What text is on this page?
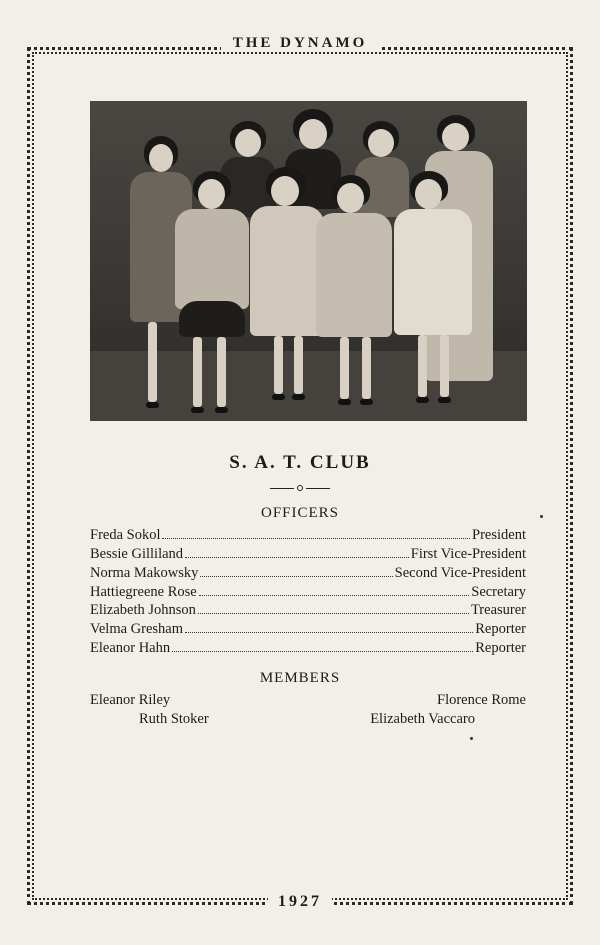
THE DYNAMO
S. A. T. CLUB
OFFICERS
Freda Sokol	President
Bessie Gilliland	First Vice-President
Norma Makowsky	Second Vice-President
Hattiegreene Rose	Secretary
Elizabeth Johnson	Treasurer
Velma Gresham	Reporter
Eleanor Hahn	Reporter
MEMBERS
Eleanor Riley	Florence Rome
Ruth Stoker	Elizabeth Vaccaro
1927
